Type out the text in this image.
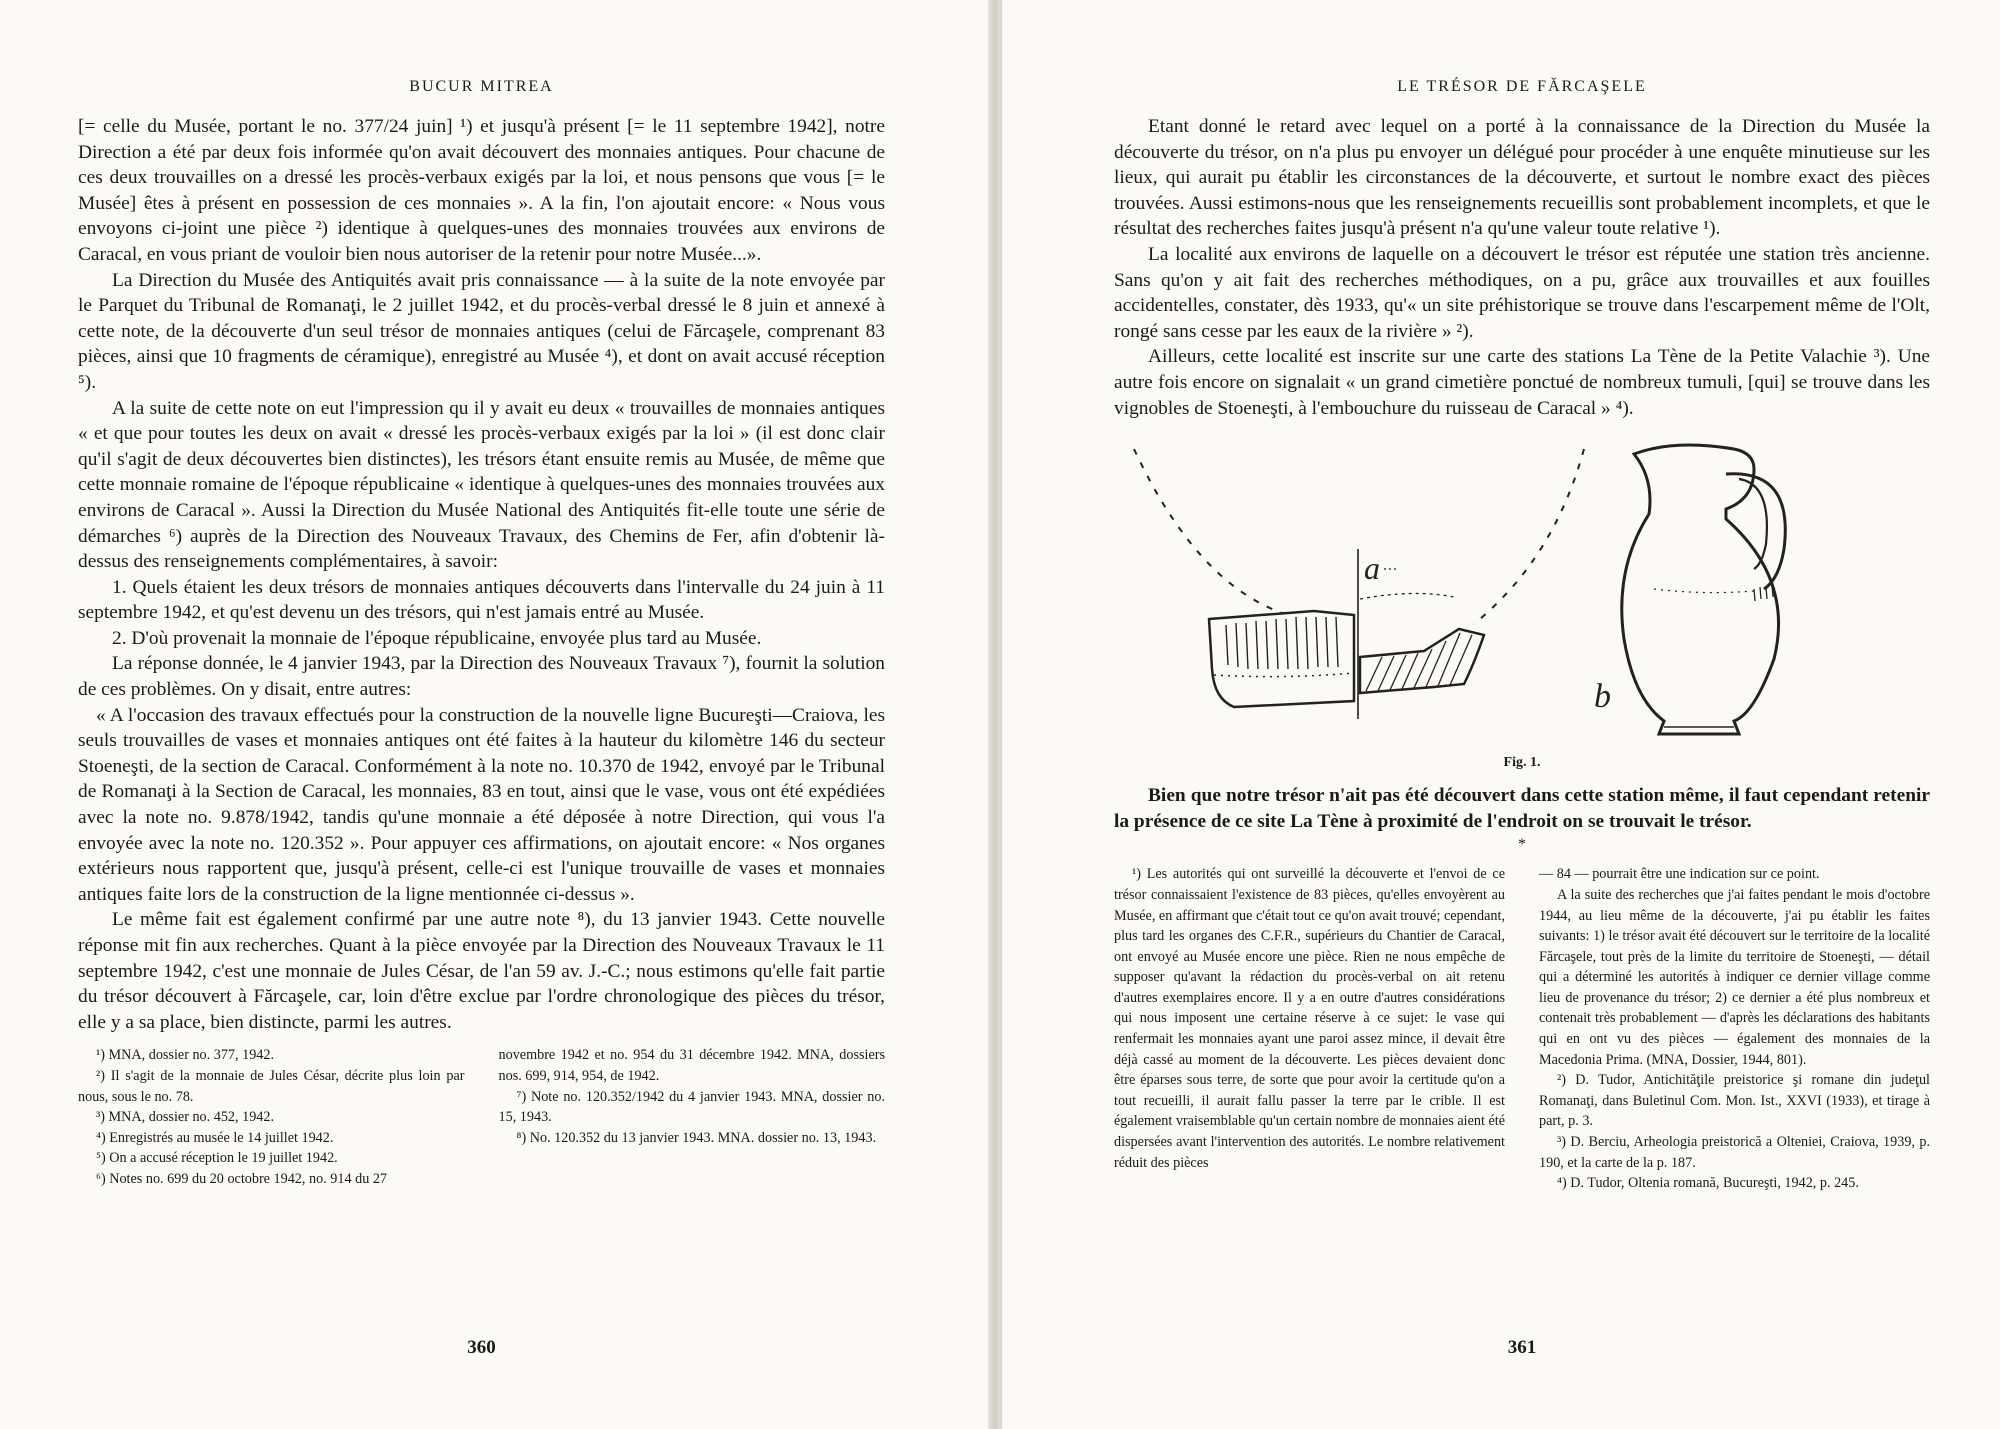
BUCUR MITREA

[= celle du Musée, portant le no. 377/24 juin] ¹) et jusqu'à présent [= le 11 septembre 1942], notre Direction a été par deux fois informée qu'on avait découvert des monnaies antiques. Pour chacune de ces deux trouvailles on a dressé les procès-verbaux exigés par la loi, et nous pensons que vous [= le Musée] êtes à présent en possession de ces monnaies ». A la fin, l'on ajoutait encore: « Nous vous envoyons ci-joint une pièce ²) identique à quelques-unes des monnaies trouvées aux environs de Caracal, en vous priant de vouloir bien nous autoriser de la retenir pour notre Musée...».

La Direction du Musée des Antiquités avait pris connaissance — à la suite de la note envoyée par le Parquet du Tribunal de Romanaţi, le 2 juillet 1942, et du procès-verbal dressé le 8 juin et annexé à cette note, de la découverte d'un seul trésor de monnaies antiques (celui de Fărcaşele, comprenant 83 pièces, ainsi que 10 fragments de céramique), enregistré au Musée ⁴), et dont on avait accusé réception ⁵).

A la suite de cette note on eut l'impression qu il y avait eu deux « trouvailles de monnaies antiques « et que pour toutes les deux on avait « dressé les procès-verbaux exigés par la loi » (il est donc clair qu'il s'agit de deux découvertes bien distinctes), les trésors étant ensuite remis au Musée, de même que cette monnaie romaine de l'époque républicaine « identique à quelques-unes des monnaies trouvées aux environs de Caracal ». Aussi la Direction du Musée National des Antiquités fit-elle toute une série de démarches ⁶) auprès de la Direction des Nouveaux Travaux, des Chemins de Fer, afin d'obtenir là-dessus des renseignements complémentaires, à savoir:

1. Quels étaient les deux trésors de monnaies antiques découverts dans l'intervalle du 24 juin à 11 septembre 1942, et qu'est devenu un des trésors, qui n'est jamais entré au Musée.

2. D'où provenait la monnaie de l'époque républicaine, envoyée plus tard au Musée.

La réponse donnée, le 4 janvier 1943, par la Direction des Nouveaux Travaux ⁷), fournit la solution de ces problèmes. On y disait, entre autres:

« A l'occasion des travaux effectués pour la construction de la nouvelle ligne Bucureşti—Craiova, les seuls trouvailles de vases et monnaies antiques ont été faites à la hauteur du kilomètre 146 du secteur Stoeneşti, de la section de Caracal. Conformément à la note no. 10.370 de 1942, envoyé par le Tribunal de Romanaţi à la Section de Caracal, les monnaies, 83 en tout, ainsi que le vase, vous ont été expédiées avec la note no. 9.878/1942, tandis qu'une monnaie a été déposée à notre Direction, qui vous l'a envoyée avec la note no. 120.352 ». Pour appuyer ces affirmations, on ajoutait encore: « Nos organes extérieurs nous rapportent que, jusqu'à présent, celle-ci est l'unique trouvaille de vases et monnaies antiques faite lors de la construction de la ligne mentionnée ci-dessus ».

Le même fait est également confirmé par une autre note ⁸), du 13 janvier 1943. Cette nouvelle réponse mit fin aux recherches. Quant à la pièce envoyée par la Direction des Nouveaux Travaux le 11 septembre 1942, c'est une monnaie de Jules César, de l'an 59 av. J.-C.; nous estimons qu'elle fait partie du trésor découvert à Fărcaşele, car, loin d'être exclue par l'ordre chronologique des pièces du trésor, elle y a sa place, bien distincte, parmi les autres.

¹) MNA, dossier no. 377, 1942.

²) Il s'agit de la monnaie de Jules César, décrite plus loin par nous, sous le no. 78.

³) MNA, dossier no. 452, 1942.

⁴) Enregistrés au musée le 14 juillet 1942.

⁵) On a accusé réception le 19 juillet 1942.

⁶) Notes no. 699 du 20 octobre 1942, no. 914 du 27

novembre 1942 et no. 954 du 31 décembre 1942. MNA, dossiers nos. 699, 914, 954, de 1942.

⁷) Note no. 120.352/1942 du 4 janvier 1943. MNA, dossier no. 15, 1943.

⁸) No. 120.352 du 13 janvier 1943. MNA. dossier no. 13, 1943.

360
LE TRÉSOR DE FĂRCAŞELE

Etant donné le retard avec lequel on a porté à la connaissance de la Direction du Musée la découverte du trésor, on n'a plus pu envoyer un délégué pour procéder à une enquête minutieuse sur les lieux, qui aurait pu établir les circonstances de la découverte, et surtout le nombre exact des pièces trouvées. Aussi estimons-nous que les renseignements recueillis sont probablement incomplets, et que le résultat des recherches faites jusqu'à présent n'a qu'une valeur toute relative ¹).

La localité aux environs de laquelle on a découvert le trésor est réputée une station très ancienne. Sans qu'on y ait fait des recherches méthodiques, on a pu, grâce aux trouvailles et aux fouilles accidentelles, constater, dès 1933, qu'« un site préhistorique se trouve dans l'escarpement même de l'Olt, rongé sans cesse par les eaux de la rivière » ²).

Ailleurs, cette localité est inscrite sur une carte des stations La Tène de la Petite Valachie ³). Une autre fois encore on signalait « un grand cimetière ponctué de nombreux tumuli, [qui] se trouve dans les vignobles de Stoeneşti, à l'embouchure du ruisseau de Caracal » ⁴).

a
b
Fig. 1.

Bien que notre trésor n'ait pas été découvert dans cette station même, il faut cependant retenir la présence de ce site La Tène à proximité de l'endroit on se trouvait le trésor.

*

¹) Les autorités qui ont surveillé la découverte et l'envoi de ce trésor connaissaient l'existence de 83 pièces, qu'elles envoyèrent au Musée, en affirmant que c'était tout ce qu'on avait trouvé; cependant, plus tard les organes des C.F.R., supérieurs du Chantier de Caracal, ont envoyé au Musée encore une pièce. Rien ne nous empêche de supposer qu'avant la rédaction du procès-verbal on ait retenu d'autres exemplaires encore. Il y a en outre d'autres considérations qui nous imposent une certaine réserve à ce sujet: le vase qui renfermait les monnaies ayant une paroi assez mince, il devait être déjà cassé au moment de la découverte. Les pièces devaient donc être éparses sous terre, de sorte que pour avoir la certitude qu'on a tout recueilli, il aurait fallu passer la terre par le crible. Il est également vraisemblable qu'un certain nombre de monnaies aient été dispersées avant l'intervention des autorités. Le nombre relativement réduit des pièces

— 84 — pourrait être une indication sur ce point.

A la suite des recherches que j'ai faites pendant le mois d'octobre 1944, au lieu même de la découverte, j'ai pu établir les faites suivants: 1) le trésor avait été découvert sur le territoire de la localité Fărcaşele, tout près de la limite du territoire de Stoeneşti, — détail qui a déterminé les autorités à indiquer ce dernier village comme lieu de provenance du trésor; 2) ce dernier a été plus nombreux et contenait très probablement — d'après les déclarations des habitants qui en ont vu des pièces — également des monnaies de la Macedonia Prima. (MNA, Dossier, 1944, 801).

²) D. Tudor, Antichităţile preistorice şi romane din judeţul Romanaţi, dans Buletinul Com. Mon. Ist., XXVI (1933), et tirage à part, p. 3.

³) D. Berciu, Arheologia preistorică a Olteniei, Craiova, 1939, p. 190, et la carte de la p. 187.

⁴) D. Tudor, Oltenia romană, Bucureşti, 1942, p. 245.

361
